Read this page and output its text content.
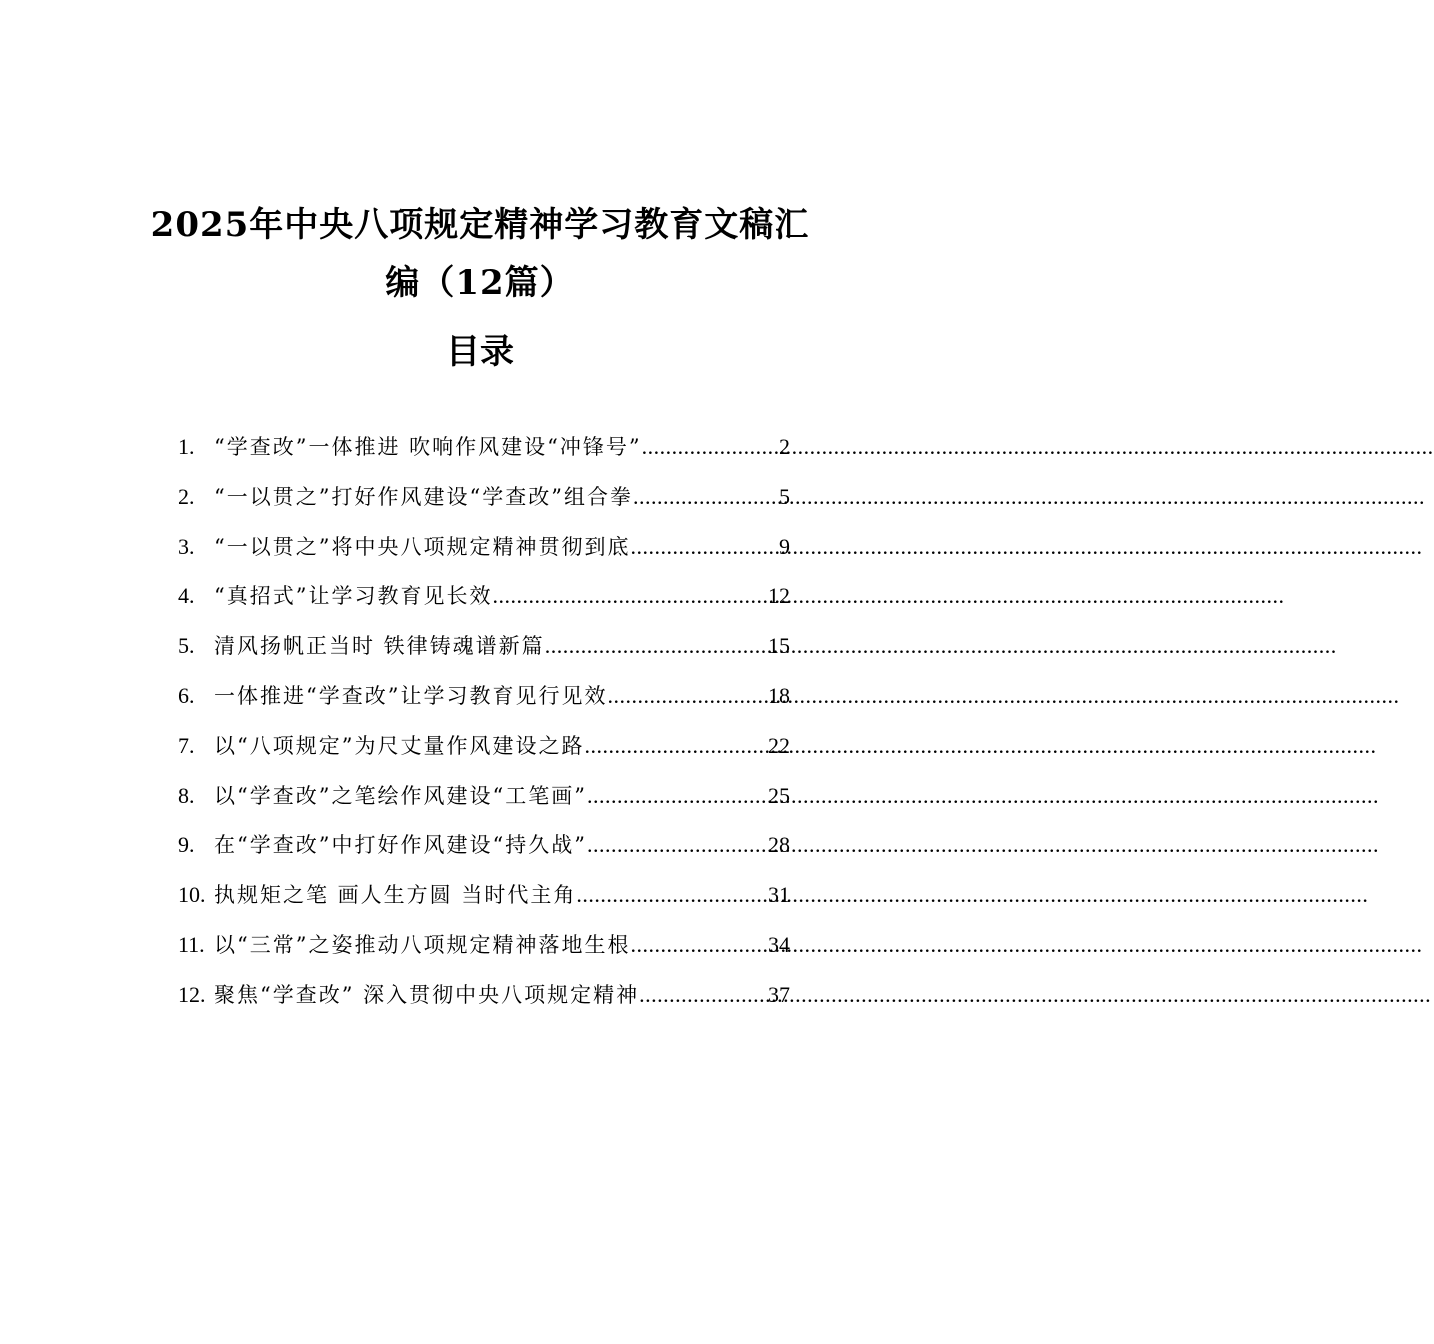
2025年中央八项规定精神学习教育文稿汇
编（12篇）
目录
1. “学查改”一体推进 吹响作风建设“冲锋号” .....	2
2. “一以贯之”打好作风建设“学查改”组合拳 .....	5
3. “一以贯之”将中央八项规定精神贯彻到底 .....	9
4. “真招式”让学习教育见长效 .....	12
5. 清风扬帆正当时 铁律铸魂谱新篇 .....	15
6. 一体推进“学查改”让学习教育见行见效 .....	18
7. 以“八项规定”为尺丈量作风建设之路 .....	22
8. 以“学查改”之笔绘作风建设“工笔画” .....	25
9. 在“学查改”中打好作风建设“持久战” .....	28
10. 执规矩之笔 画人生方圆 当时代主角 .....	31
11. 以“三常”之姿推动八项规定精神落地生根 .....	34
12. 聚焦“学查改” 深入贯彻中央八项规定精神 .....	37
